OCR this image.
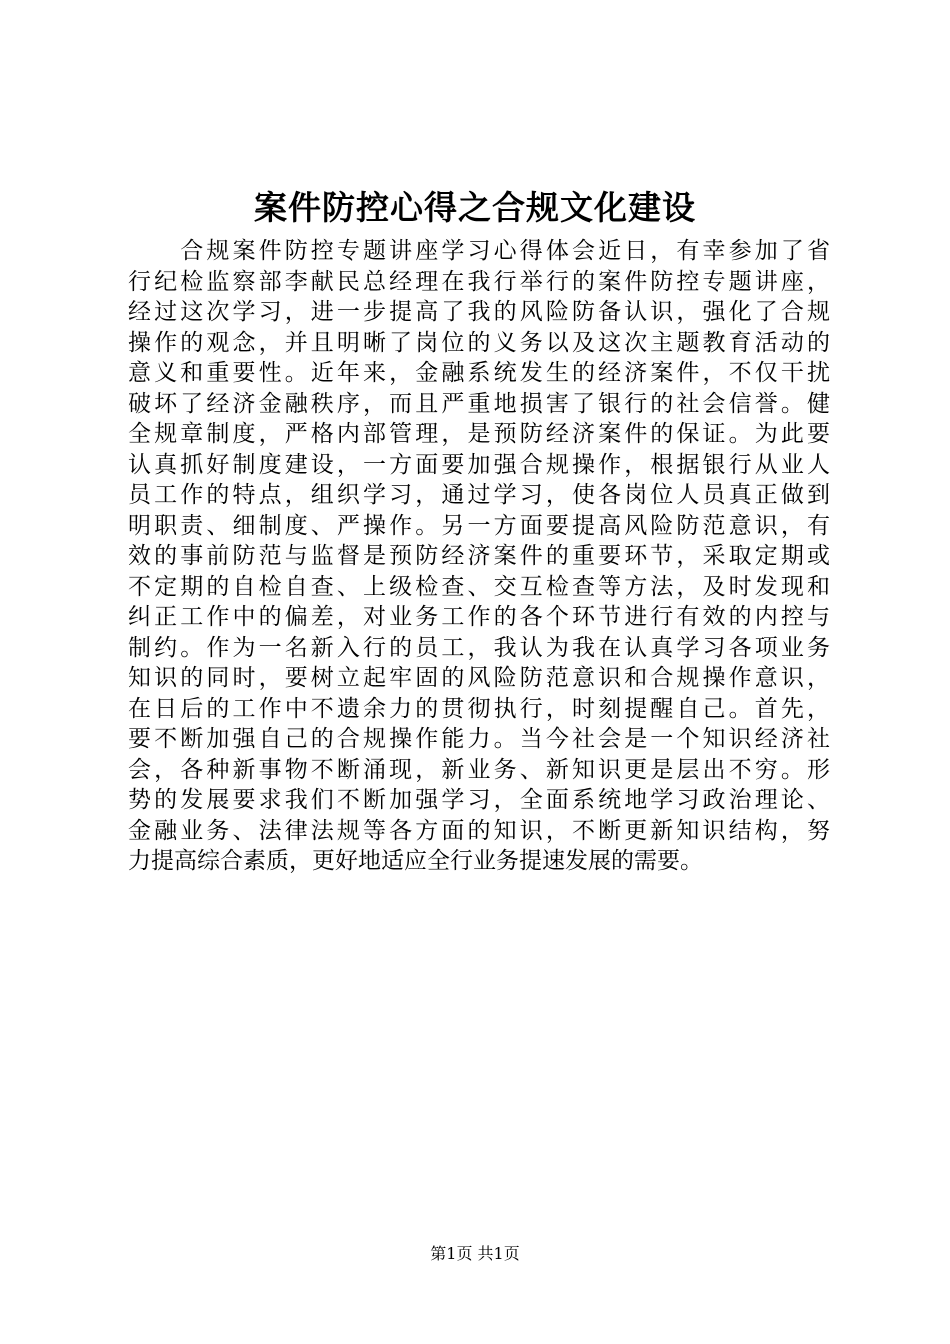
案件防控心得之合规文化建设
　　合规案件防控专题讲座学习心得体会近日，有幸参加了省
行纪检监察部李献民总经理在我行举行的案件防控专题讲座，
经过这次学习，进一步提高了我的风险防备认识，强化了合规
操作的观念，并且明晰了岗位的义务以及这次主题教育活动的
意义和重要性。近年来，金融系统发生的经济案件，不仅干扰
破坏了经济金融秩序，而且严重地损害了银行的社会信誉。健
全规章制度，严格内部管理，是预防经济案件的保证。为此要
认真抓好制度建设，一方面要加强合规操作，根据银行从业人
员工作的特点，组织学习，通过学习，使各岗位人员真正做到
明职责、细制度、严操作。另一方面要提高风险防范意识，有
效的事前防范与监督是预防经济案件的重要环节，采取定期或
不定期的自检自查、上级检查、交互检查等方法，及时发现和
纠正工作中的偏差，对业务工作的各个环节进行有效的内控与
制约。作为一名新入行的员工，我认为我在认真学习各项业务
知识的同时，要树立起牢固的风险防范意识和合规操作意识，
在日后的工作中不遗余力的贯彻执行，时刻提醒自己。首先，
要不断加强自己的合规操作能力。当今社会是一个知识经济社
会，各种新事物不断涌现，新业务、新知识更是层出不穷。形
势的发展要求我们不断加强学习，全面系统地学习政治理论、
金融业务、法律法规等各方面的知识，不断更新知识结构，努
力提高综合素质，更好地适应全行业务提速发展的需要。
第1页 共1页
